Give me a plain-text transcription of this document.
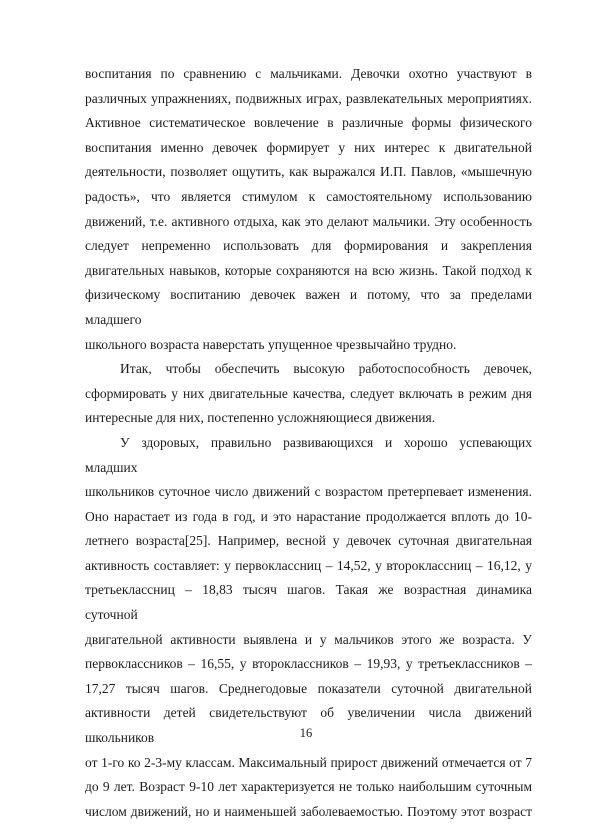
воспитания по сравнению с мальчиками. Девочки охотно участвуют в
различных упражнениях, подвижных играх, развлекательных мероприятиях.
Активное систематическое вовлечение в различные формы физического
воспитания именно девочек формирует у них интерес к двигательной
деятельности, позволяет ощутить, как выражался И.П. Павлов, «мышечную
радость», что является стимулом к самостоятельному использованию
движений, т.е. активного отдыха, как это делают мальчики. Эту особенность
следует непременно использовать для формирования и закрепления
двигательных навыков, которые сохраняются на всю жизнь. Такой подход к
физическому воспитанию девочек важен и потому, что за пределами младшего
школьного возраста наверстать упущенное чрезвычайно трудно.
Итак, чтобы обеспечить высокую работоспособность девочек,
сформировать у них двигательные качества, следует включать в режим дня
интересные для них, постепенно усложняющиеся движения.
У здоровых, правильно развивающихся и хорошо успевающих младших
школьников суточное число движений с возрастом претерпевает изменения.
Оно нарастает из года в год, и это нарастание продолжается вплоть до 10-
летнего возраста[25]. Например, весной у девочек суточная двигательная
активность составляет: у первоклассниц – 14,52, у второклассниц – 16,12, у
третьеклассниц – 18,83 тысяч шагов. Такая же возрастная динамика суточной
двигательной активности выявлена и у мальчиков этого же возраста. У
первоклассников – 16,55, у второклассников – 19,93, у третьеклассников –
17,27 тысяч шагов. Среднегодовые показатели суточной двигательной
активности детей свидетельствуют об увеличении числа движений школьников
от 1-го ко 2-3-му классам. Максимальный прирост движений отмечается от 7
до 9 лет. Возраст 9-10 лет характеризуется не только наибольшим суточным
числом движений, но и наименьшей заболеваемостью. Поэтому этот возраст
16
